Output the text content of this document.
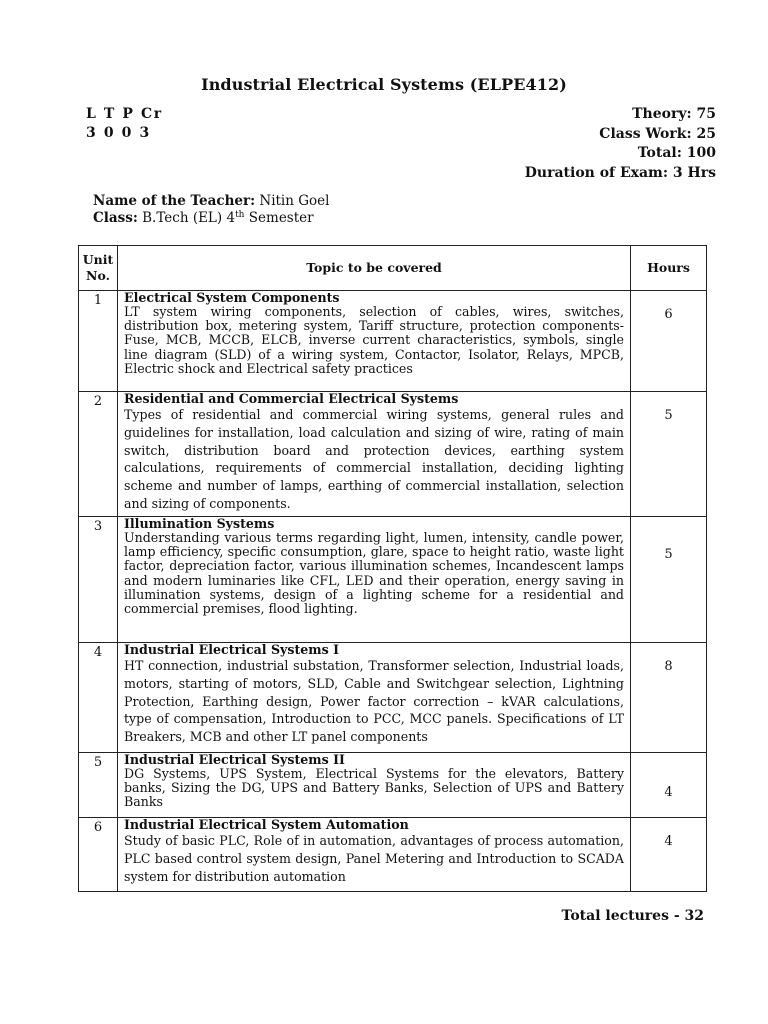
Industrial Electrical Systems (ELPE412)
L T P Cr
3 0 0 3
Theory: 75
Class Work: 25
Total: 100
Duration of Exam: 3 Hrs
Name of the Teacher: Nitin Goel
Class: B.Tech (EL) 4th Semester
Unit No.	Topic to be covered	Hours
1	Electrical System Components
LT system wiring components, selection of cables, wires, switches, distribution box, metering system, Tariff structure, protection components- Fuse, MCB, MCCB, ELCB, inverse current characteristics, symbols, single line diagram (SLD) of a wiring system, Contactor, Isolator, Relays, MPCB, Electric shock and Electrical safety practices	6
2	Residential and Commercial Electrical Systems
Types of residential and commercial wiring systems, general rules and guidelines for installation, load calculation and sizing of wire, rating of main switch, distribution board and protection devices, earthing system calculations, requirements of commercial installation, deciding lighting scheme and number of lamps, earthing of commercial installation, selection and sizing of components.	5
3	Illumination Systems
Understanding various terms regarding light, lumen, intensity, candle power, lamp efficiency, specific consumption, glare, space to height ratio, waste light factor, depreciation factor, various illumination schemes, Incandescent lamps and modern luminaries like CFL, LED and their operation, energy saving in illumination systems, design of a lighting scheme for a residential and commercial premises, flood lighting.	5
4	Industrial Electrical Systems I
HT connection, industrial substation, Transformer selection, Industrial loads, motors, starting of motors, SLD, Cable and Switchgear selection, Lightning Protection, Earthing design, Power factor correction – kVAR calculations, type of compensation, Introduction to PCC, MCC panels. Specifications of LT Breakers, MCB and other LT panel components	8
5	Industrial Electrical Systems II
DG Systems, UPS System, Electrical Systems for the elevators, Battery banks, Sizing the DG, UPS and Battery Banks, Selection of UPS and Battery Banks	4
6	Industrial Electrical System Automation
Study of basic PLC, Role of in automation, advantages of process automation, PLC based control system design, Panel Metering and Introduction to SCADA system for distribution automation	4
Total lectures - 32
